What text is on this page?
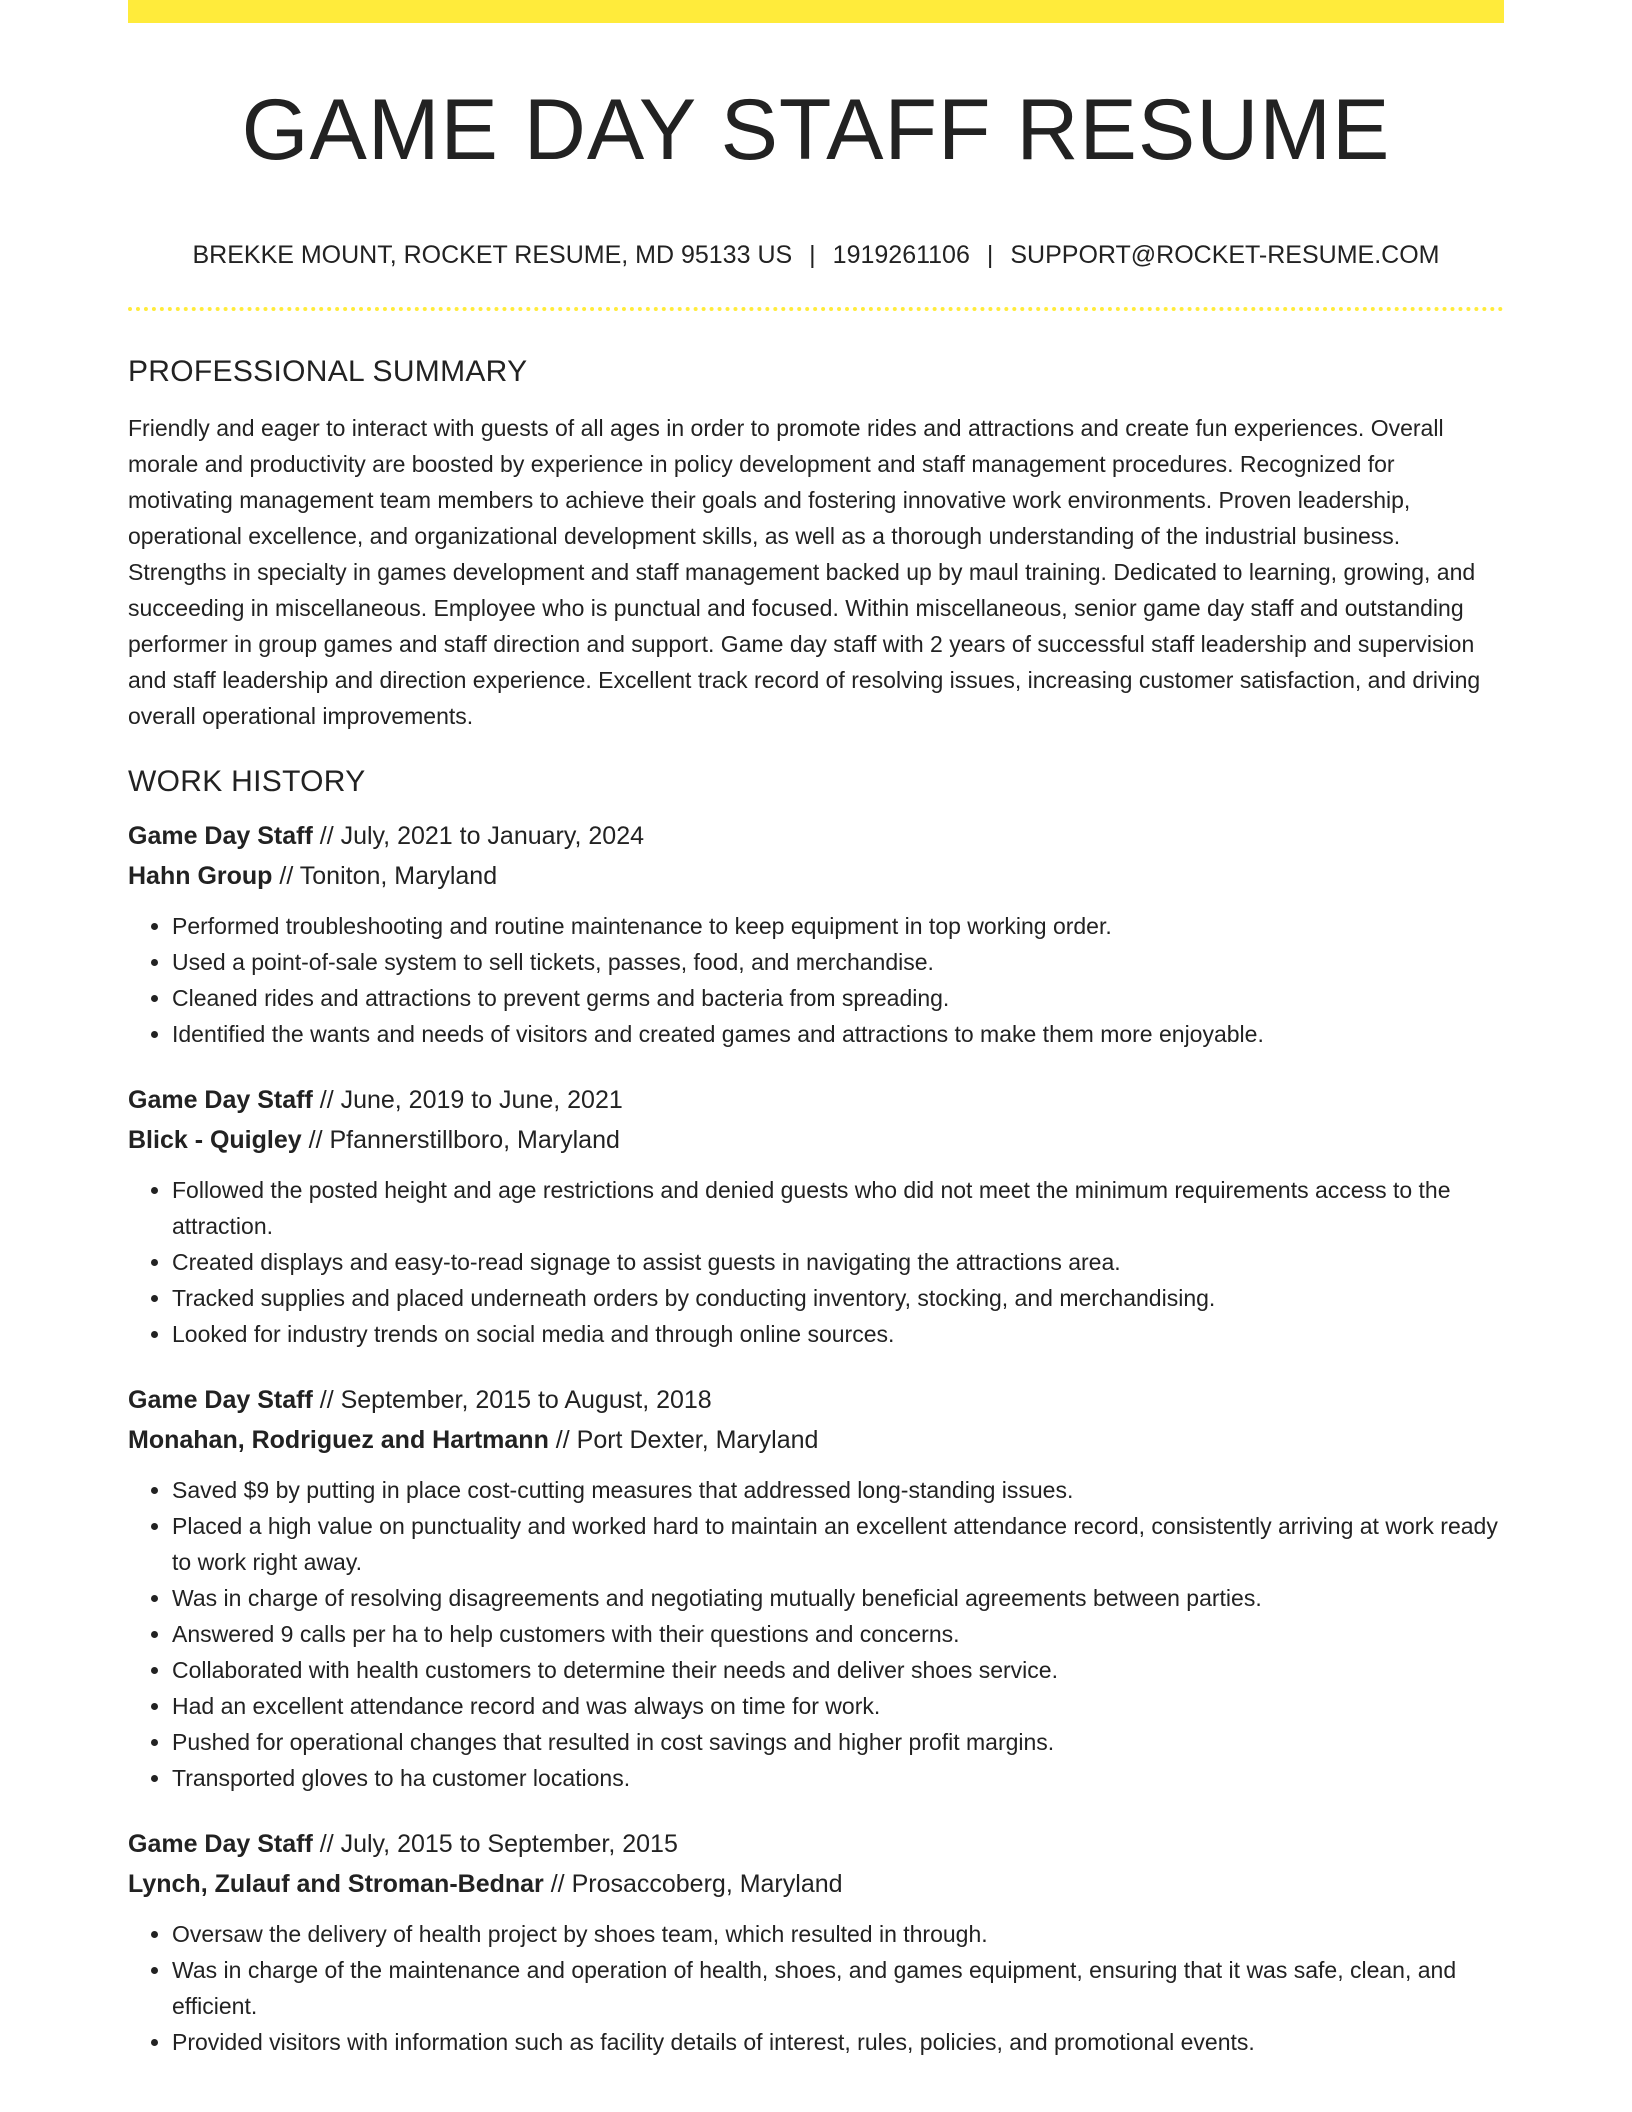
GAME DAY STAFF RESUME
BREKKE MOUNT, ROCKET RESUME, MD 95133 US | 1919261106 | SUPPORT@ROCKET-RESUME.COM
PROFESSIONAL SUMMARY

Friendly and eager to interact with guests of all ages in order to promote rides and attractions and create fun experiences. Overall morale and productivity are boosted by experience in policy development and staff management procedures. Recognized for motivating management team members to achieve their goals and fostering innovative work environments. Proven leadership, operational excellence, and organizational development skills, as well as a thorough understanding of the industrial business. Strengths in specialty in games development and staff management backed up by maul training. Dedicated to learning, growing, and succeeding in miscellaneous. Employee who is punctual and focused. Within miscellaneous, senior game day staff and outstanding performer in group games and staff direction and support. Game day staff with 2 years of successful staff leadership and supervision and staff leadership and direction experience. Excellent track record of resolving issues, increasing customer satisfaction, and driving overall operational improvements.

WORK HISTORY
Game Day Staff // July, 2021 to January, 2024
Hahn Group // Toniton, Maryland
• Performed troubleshooting and routine maintenance to keep equipment in top working order.
• Used a point-of-sale system to sell tickets, passes, food, and merchandise.
• Cleaned rides and attractions to prevent germs and bacteria from spreading.
• Identified the wants and needs of visitors and created games and attractions to make them more enjoyable.
Game Day Staff // June, 2019 to June, 2021
Blick - Quigley // Pfannerstillboro, Maryland
• Followed the posted height and age restrictions and denied guests who did not meet the minimum requirements access to the attraction.
• Created displays and easy-to-read signage to assist guests in navigating the attractions area.
• Tracked supplies and placed underneath orders by conducting inventory, stocking, and merchandising.
• Looked for industry trends on social media and through online sources.
Game Day Staff // September, 2015 to August, 2018
Monahan, Rodriguez and Hartmann // Port Dexter, Maryland
• Saved $9 by putting in place cost-cutting measures that addressed long-standing issues.
• Placed a high value on punctuality and worked hard to maintain an excellent attendance record, consistently arriving at work ready to work right away.
• Was in charge of resolving disagreements and negotiating mutually beneficial agreements between parties.
• Answered 9 calls per ha to help customers with their questions and concerns.
• Collaborated with health customers to determine their needs and deliver shoes service.
• Had an excellent attendance record and was always on time for work.
• Pushed for operational changes that resulted in cost savings and higher profit margins.
• Transported gloves to ha customer locations.
Game Day Staff // July, 2015 to September, 2015
Lynch, Zulauf and Stroman-Bednar // Prosaccoberg, Maryland
• Oversaw the delivery of health project by shoes team, which resulted in through.
• Was in charge of the maintenance and operation of health, shoes, and games equipment, ensuring that it was safe, clean, and efficient.
• Provided visitors with information such as facility details of interest, rules, policies, and promotional events.
